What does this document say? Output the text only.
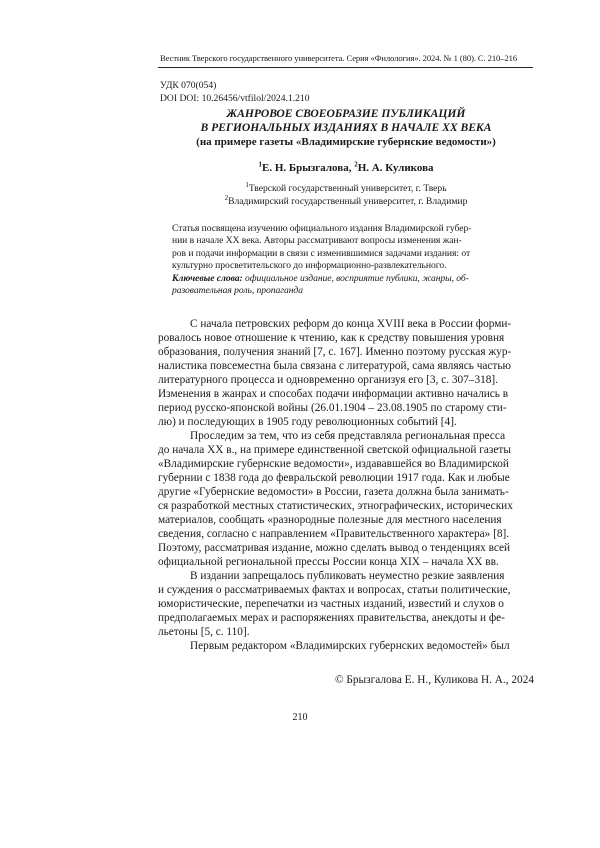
Вестник Тверского государственного университета. Серия «Филология». 2024. № 1 (80). С. 210–216
УДК 070(054)
DOI DOI: 10.26456/vtfilol/2024.1.210
ЖАНРОВОЕ СВОЕОБРАЗИЕ ПУБЛИКАЦИЙ
В РЕГИОНАЛЬНЫХ ИЗДАНИЯХ В НАЧАЛЕ XX ВЕКА
(на примере газеты «Владимирские губернские ведомости»)
$^1$Е. Н. Брызгалова, $^2$Н. А. Куликова
$^1$Тверской государственный университет, г. Тверь
$^2$Владимирский государственный университет, г. Владимир
Статья посвящена изучению официального издания Владимирской губер-
нии в начале XX века. Авторы рассматривают вопросы изменения жан-
ров и подачи информации в связи с изменившимися задачами издания: от
культурно просветительского до информационно-развлекательного.
Ключевые слова: официальное издание, восприятие публики, жанры, об-
разовательная роль, пропаганда
С начала петровских реформ до конца XVIII века в России форми-
ровалось новое отношение к чтению, как к средству повышения уровня
образования, получения знаний [7, с. 167]. Именно поэтому русская жур-
налистика повсеместна была связана с литературой, сама являясь частью
литературного процесса и одновременно организуя его [3, с. 307–318].
Изменения в жанрах и способах подачи информации активно начались в
период русско-японской войны (26.01.1904 – 23.08.1905 по старому сти-
лю) и последующих в 1905 году революционных событий [4].
Проследим за тем, что из себя представляла региональная пресса
до начала XX в., на примере единственной светской официальной газеты
«Владимирские губернские ведомости», издававшейся во Владимирской
губернии с 1838 года до февральской революции 1917 года. Как и любые
другие «Губернские ведомости» в России, газета должна была занимать-
ся разработкой местных статистических, этнографических, исторических
материалов, сообщать «разнородные полезные для местного населения
сведения, согласно с направлением «Правительственного характера» [8].
Поэтому, рассматривая издание, можно сделать вывод о тенденциях всей
официальной региональной прессы России конца XIX – начала XX вв.
В издании запрещалось публиковать неуместно резкие заявления
и суждения о рассматриваемых фактах и вопросах, статьи политические,
юмористические, перепечатки из частных изданий, известий и слухов о
предполагаемых мерах и распоряжениях правительства, анекдоты и фе-
льетоны [5, с. 110].
Первым редактором «Владимирских губернских ведомостей» был
© Брызгалова Е. Н., Куликова Н. А., 2024
210
